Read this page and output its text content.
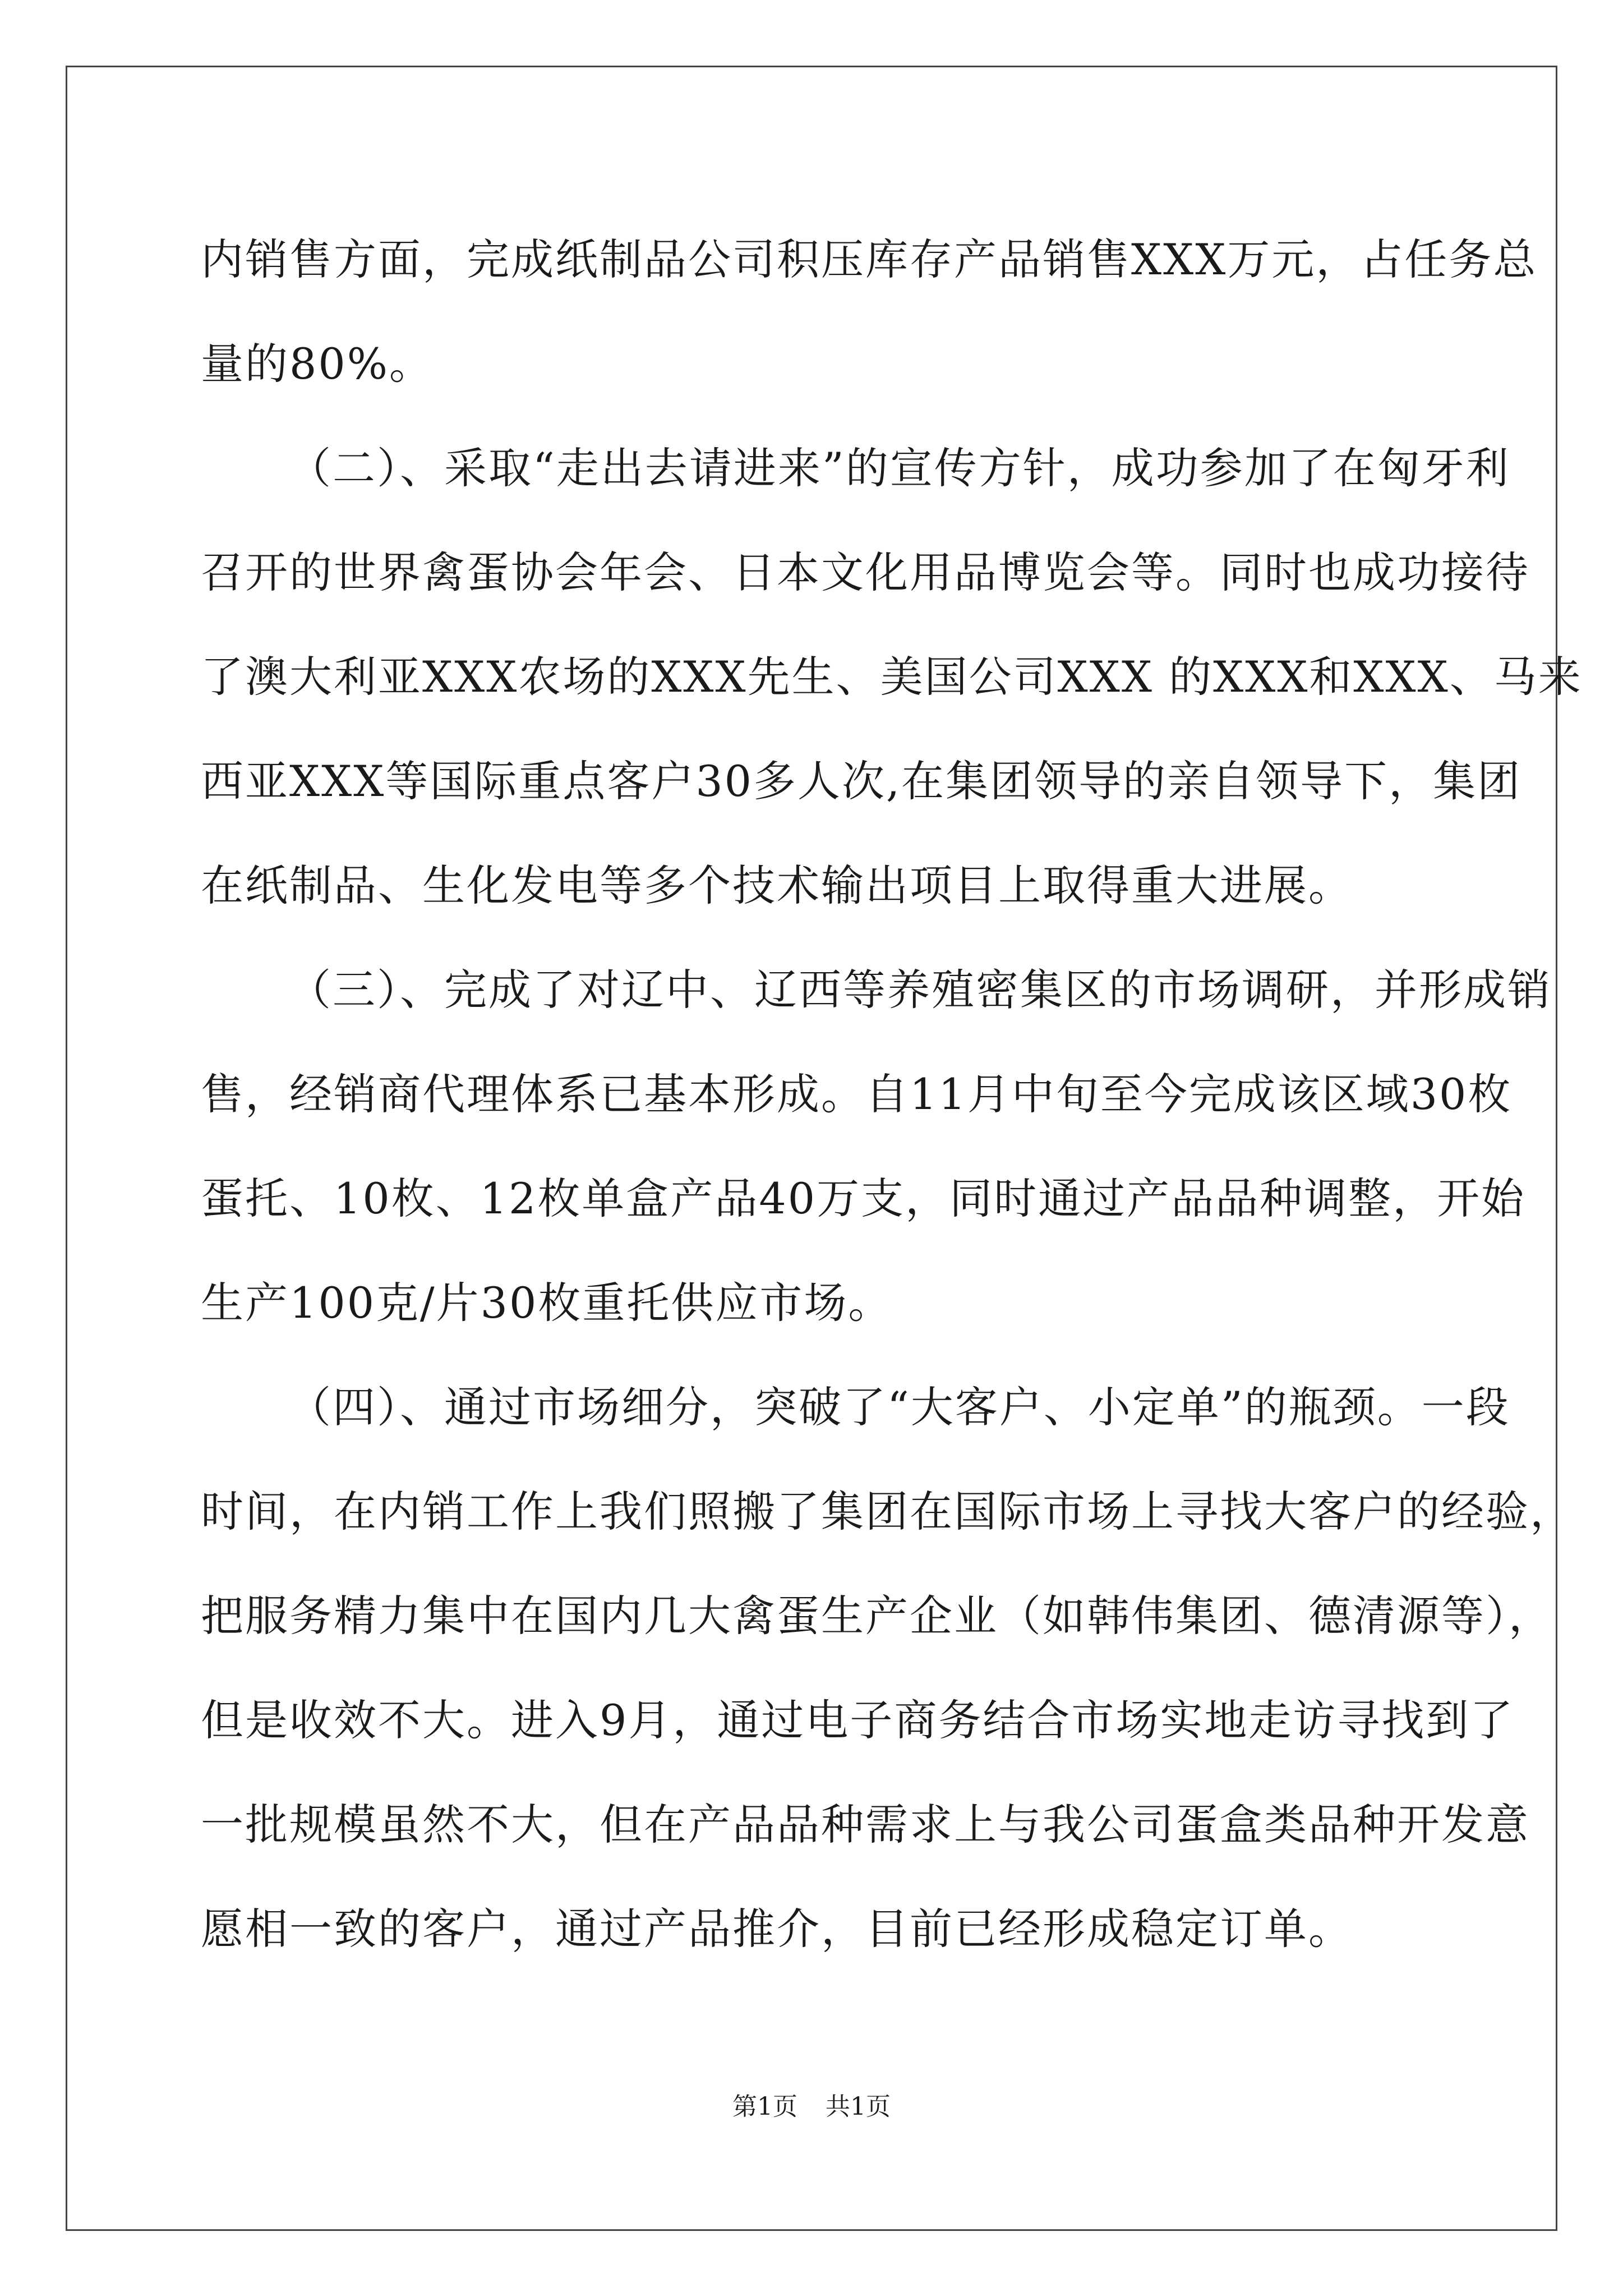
内销售方面，完成纸制品公司积压库存产品销售XXX万元，占任务总
量的80%。
（二）、采取“走出去请进来”的宣传方针，成功参加了在匈牙利
召开的世界禽蛋协会年会、日本文化用品博览会等。同时也成功接待
了澳大利亚XXX农场的XXX先生、美国公司XXX 的XXX和XXX、马来
西亚XXX等国际重点客户30多人次,在集团领导的亲自领导下，集团
在纸制品、生化发电等多个技术输出项目上取得重大进展。
（三）、完成了对辽中、辽西等养殖密集区的市场调研，并形成销
售，经销商代理体系已基本形成。自11月中旬至今完成该区域30枚
蛋托、10枚、12枚单盒产品40万支，同时通过产品品种调整，开始
生产100克/片30枚重托供应市场。
（四）、通过市场细分，突破了“大客户、小定单”的瓶颈。一段
时间，在内销工作上我们照搬了集团在国际市场上寻找大客户的经验，
把服务精力集中在国内几大禽蛋生产企业（如韩伟集团、德清源等），
但是收效不大。进入9月，通过电子商务结合市场实地走访寻找到了
一批规模虽然不大，但在产品品种需求上与我公司蛋盒类品种开发意
愿相一致的客户，通过产品推介，目前已经形成稳定订单。
第1页 共1页
